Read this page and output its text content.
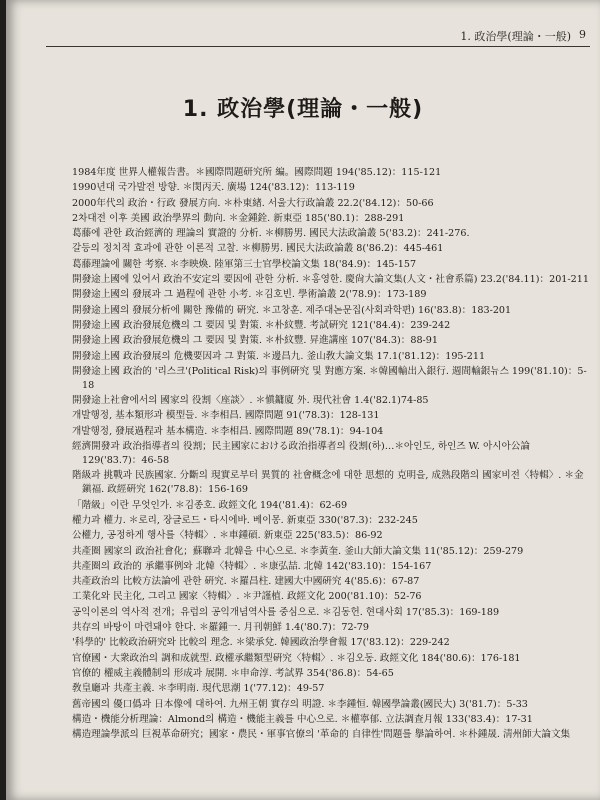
1. 政治學(理論・一般) 9
1. 政治學(理論・一般)
1984年度 世界人權報告書。＊國際問題研究所 編。國際問題 194('85.12)：115-121
1990년대 국가발전 방향. ＊閔丙天. 廣場 124('83.12)：113-119
2000年代의 政治・行政 發展方向. ＊朴東緖. 서울大行政論叢 22.2('84.12)：50-66
2차대전 이후 美國 政治學界의 動向. ＊金鍾銓. 新東亞 185('80.1)：288-291
葛藤에 관한 政治經濟的 理論의 實證的 分析. ＊柳勝男. 國民大法政論叢 5('83.2)：241-276.
갈등의 정치적 효과에 관한 이론적 고찰. ＊柳勝男. 國民大法政論叢 8('86.2)：445-461
葛藤理論에 關한 考察. ＊李映煥. 陸軍第三士官學校論文集 18('84.9)：145-157
開發途上國에 있어서 政治不安定의 要因에 관한 分析. ＊홍영한. 慶尙大論文集(人文・社會系篇) 23.2('84.11)：201-211
開發途上國의 發展과 그 過程에 관한 小考. ＊김호빈. 學術論叢 2('78.9)：173-189
開發途上國의 發展分析에 關한 豫備的 硏究. ＊고창훈. 제주대논문집(사회과학편) 16('83.8)：183-201
開發途上國 政治發展危機의 그 要因 및 對策. ＊朴紋豐. 考試硏究 121('84.4)：239-242
開發途上國 政治發展危機의 그 要因 및 對策. ＊朴紋豐. 昇進講座 107('84.3)：88-91
開發途上國 政治發展의 危機要因과 그 對策. ＊邊昌九. 釜山敎大論文集 17.1('81.12)：195-211
開發途上國 政治的 '리스크'(Political Risk)의 事例硏究 및 對應方案. ＊韓國輸出入銀行. 週間輸銀뉴스 199('81.10)：5-18
開發途上社會에서의 國家의 役割〈座談〉. ＊愼鏞廈 外. 現代社會 1.4('82.1)74-85
개발행정, 基本類形과 模型들. ＊李相昌. 國際問題 91('78.3)：128-131
개발행정, 發展過程과 基本構造. ＊李相昌. 國際問題 89('78.1)：94-104
經濟開發과 政治指導者의 役割；民主國家における政治指導者의 役割(하)…＊아인도, 하인즈 W. 아시아公論 129('83.7)：46-58
階級과 挑戰과 民族國家. 分斷의 現實로부터 異質的 社會概念에 대한 思想的 克明을, 成熟段階의 國家비전〈特輯〉. ＊金鎭福. 政經硏究 162('78.8)：156-169
「階級」이란 무엇인가. ＊김종호. 政經文化 194('81.4)：62-69
權力과 權力. ＊로리, 장글로드・타시에바. 베이몽. 新東亞 330('87.3)：232-245
公權力, 공정하게 행사를〈特輯〉. ＊車鍾碩. 新東亞 225('83.5)：86-92
共產圈 國家의 政治社會化；蘇聯과 北韓을 中心으로. ＊李黃奎. 釜山大師大論文集 11('85.12)：259-279
共產圈의 政治的 承繼事例와 北韓〈特輯〉. ＊康弘喆. 北韓 142('83.10)：154-167
共產政治의 比較方法論에 관한 硏究. ＊羅昌柱. 建國大中國硏究 4('85.6)：67-87
工業化와 民主化, 그리고 國家〈特輯〉. ＊尹謹植. 政經文化 200('81.10)：52-76
공익이론의 역사적 전개；유럽의 공익개념역사를 중심으로. ＊김동헌. 현대사회 17('85.3)：169-189
共存의 바탕이 마련돼야 한다. ＊羅鍾一. 月刊朝鮮 1.4('80.7)：72-79
'科學的' 比較政治硏究와 比較의 理念. ＊梁承兌. 韓國政治學會報 17('83.12)：229-242
官僚國・大衆政治의 調和成就型. 政權承繼類型硏究〈特輯〉. ＊김오동. 政經文化 184('80.6)：176-181
官僚的 權威主義體制의 形成과 展開. ＊申命淳. 考試界 354('86.8)：54-65
敎皇廳과 共產主義. ＊李明南. 現代思潮 1('77.12)：49-57
舊帝國의 優口僞과 日本像에 대하여. 九州王朝 實存의 明證. ＊李鍾恒. 韓國學論叢(國民大) 3('81.7)：5-33
構造・機能分析理論：Almond의 構造・機能主義를 中心으로. ＊權寧郁. 立法調査月報 133('83.4)：17-31
構造理論學派의 巨視革命硏究；國家・農民・軍事官僚의 '革命的 自律性'問題를 擧論하여. ＊朴鍾晟. 淸州師大論文集
